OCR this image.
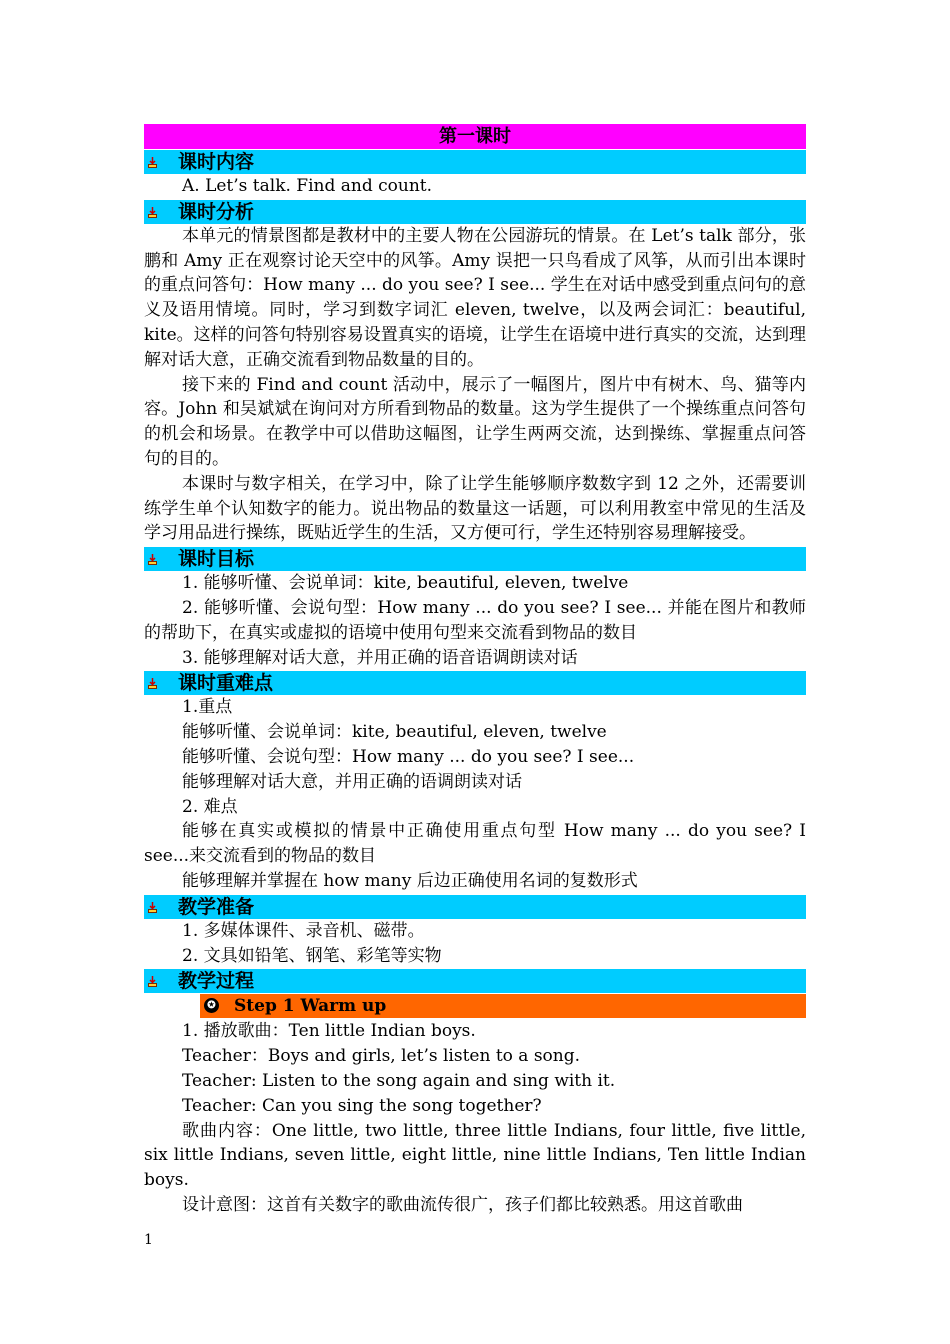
第一课时
课时内容

A. Let’s talk. Find and count.

课时分析

本单元的情景图都是教材中的主要人物在公园游玩的情景。在 Let’s talk 部分，张鹏和 Amy 正在观察讨论天空中的风筝。Amy 误把一只鸟看成了风筝，从而引出本课时的重点问答句：How many ... do you see? I see... 学生在对话中感受到重点问句的意义及语用情境。同时，学习到数字词汇 eleven, twelve，以及两会词汇：beautiful, kite。这样的问答句特别容易设置真实的语境，让学生在语境中进行真实的交流，达到理解对话大意，正确交流看到物品数量的目的。

接下来的 Find and count 活动中，展示了一幅图片，图片中有树木、鸟、猫等内容。John 和吴斌斌在询问对方所看到物品的数量。这为学生提供了一个操练重点问答句的机会和场景。在教学中可以借助这幅图，让学生两两交流，达到操练、掌握重点问答句的目的。

本课时与数字相关，在学习中，除了让学生能够顺序数数字到 12 之外，还需要训练学生单个认知数字的能力。说出物品的数量这一话题，可以利用教室中常见的生活及学习用品进行操练，既贴近学生的生活，又方便可行，学生还特别容易理解接受。

课时目标

1. 能够听懂、会说单词：kite, beautiful, eleven, twelve

2. 能够听懂、会说句型：How many ... do you see? I see... 并能在图片和教师的帮助下，在真实或虚拟的语境中使用句型来交流看到物品的数目

3. 能够理解对话大意，并用正确的语音语调朗读对话

课时重难点

1.重点

能够听懂、会说单词：kite, beautiful, eleven, twelve

能够听懂、会说句型：How many ... do you see? I see...

能够理解对话大意，并用正确的语调朗读对话

2. 难点

能够在真实或模拟的情景中正确使用重点句型 How many ... do you see? I see...来交流看到的物品的数目

能够理解并掌握在 how many 后边正确使用名词的复数形式

教学准备

1. 多媒体课件、录音机、磁带。

2. 文具如铅笔、钢笔、彩笔等实物

教学过程
✪ Step 1 Warm up

1. 播放歌曲：Ten little Indian boys.

Teacher：Boys and girls, let’s listen to a song.

Teacher: Listen to the song again and sing with it.

Teacher: Can you sing the song together?

歌曲内容：One little, two little, three little Indians, four little, five little, six little Indians, seven little, eight little, nine little Indians, Ten little Indian boys.

设计意图：这首有关数字的歌曲流传很广，孩子们都比较熟悉。用这首歌曲

1
